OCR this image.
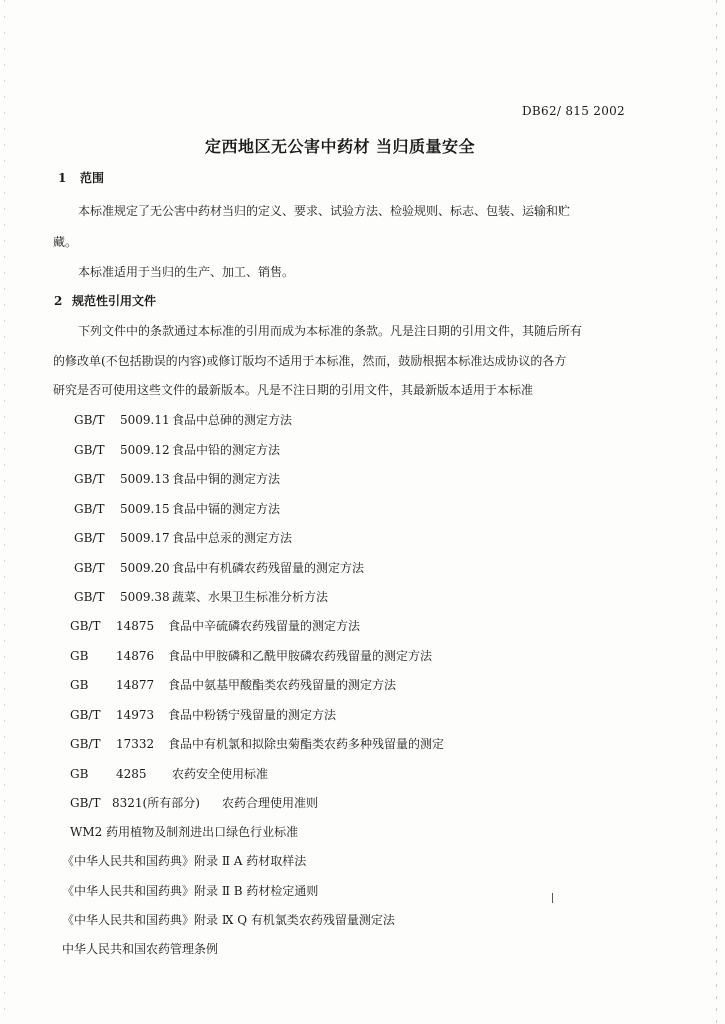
DB62/ 815 2002
定西地区无公害中药材 当归质量安全
1 范围
本标准规定了无公害中药材当归的定义、要求、试验方法、检验规则、标志、包装、运输和贮
藏。
本标准适用于当归的生产、加工、销售。
2 规范性引用文件
下列文件中的条款通过本标准的引用而成为本标准的条款。凡是注日期的引用文件，其随后所有
的修改单(不包括勘误的内容)或修订版均不适用于本标准，然而，鼓励根据本标准达成协议的各方
研究是否可使用这些文件的最新版本。凡是不注日期的引用文件，其最新版本适用于本标准
GB/T 5009.11 食品中总砷的测定方法
GB/T 5009.12 食品中铅的测定方法
GB/T 5009.13 食品中铜的测定方法
GB/T 5009.15 食品中镉的测定方法
GB/T 5009.17 食品中总汞的测定方法
GB/T 5009.20 食品中有机磷农药残留量的测定方法
GB/T 5009.38 蔬菜、水果卫生标准分析方法
GB/T 14875 食品中辛硫磷农药残留量的测定方法
GB 14876 食品中甲胺磷和乙酰甲胺磷农药残留量的测定方法
GB 14877 食品中氨基甲酸酯类农药残留量的测定方法
GB/T 14973 食品中粉锈宁残留量的测定方法
GB/T 17332 食品中有机氯和拟除虫菊酯类农药多种残留量的测定
GB 4285 农药安全使用标准
GB/T 8321(所有部分) 农药合理使用准则
WM2 药用植物及制剂进出口绿色行业标准
《中华人民共和国药典》附录 Ⅱ A 药材取样法
《中华人民共和国药典》附录 Ⅱ B 药材检定通则
《中华人民共和国药典》附录 Ⅸ Q 有机氯类农药残留量测定法
中华人民共和国农药管理条例
